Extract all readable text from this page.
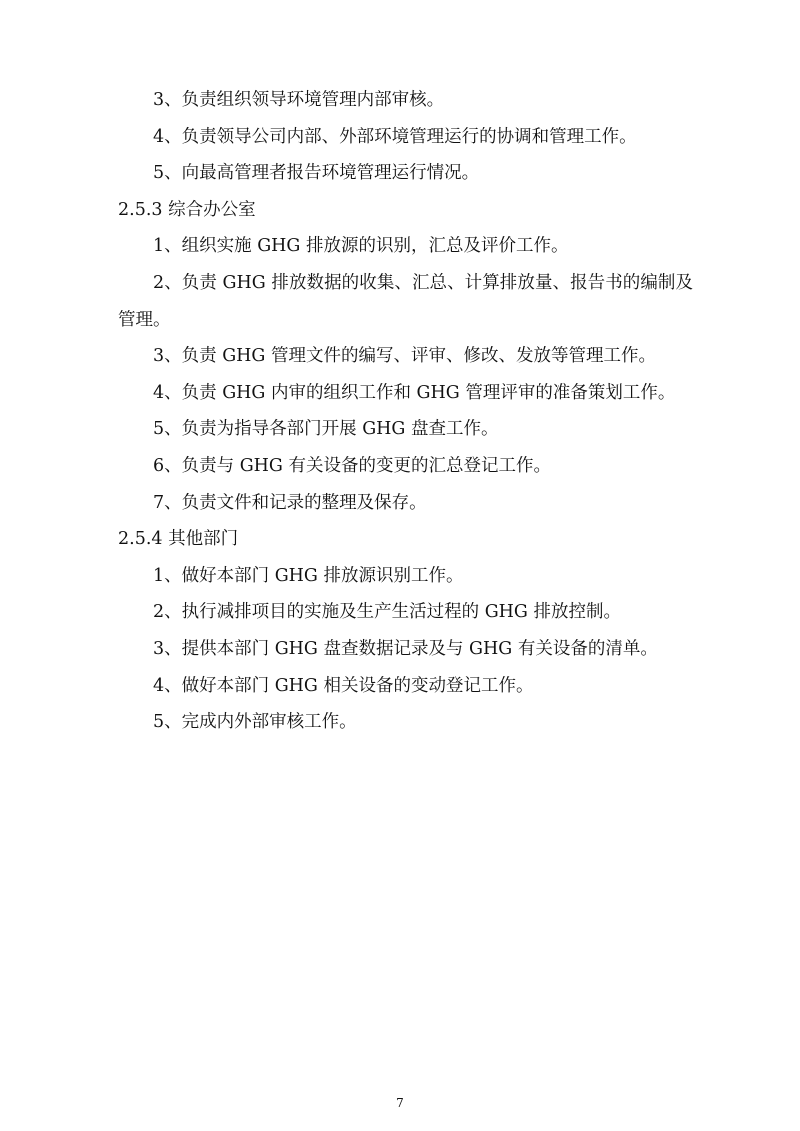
3、负责组织领导环境管理内部审核。
4、负责领导公司内部、外部环境管理运行的协调和管理工作。
5、向最高管理者报告环境管理运行情况。
2.5.3 综合办公室
1、组织实施 GHG 排放源的识别，汇总及评价工作。
2、负责 GHG 排放数据的收集、汇总、计算排放量、报告书的编制及管理。
3、负责 GHG 管理文件的编写、评审、修改、发放等管理工作。
4、负责 GHG 内审的组织工作和 GHG 管理评审的准备策划工作。
5、负责为指导各部门开展 GHG 盘查工作。
6、负责与 GHG 有关设备的变更的汇总登记工作。
7、负责文件和记录的整理及保存。
2.5.4 其他部门
1、做好本部门 GHG 排放源识别工作。
2、执行减排项目的实施及生产生活过程的 GHG 排放控制。
3、提供本部门 GHG 盘查数据记录及与 GHG 有关设备的清单。
4、做好本部门 GHG 相关设备的变动登记工作。
5、完成内外部审核工作。
7
